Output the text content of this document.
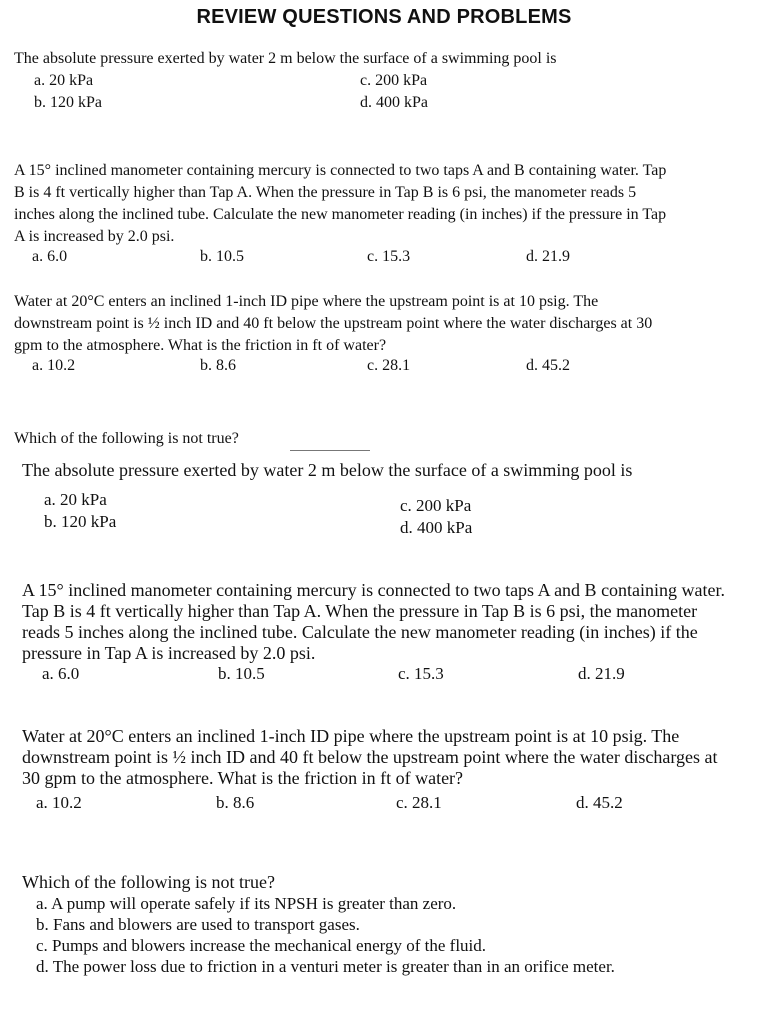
REVIEW QUESTIONS AND PROBLEMS
The absolute pressure exerted by water 2 m below the surface of a swimming pool is
a. 20 kPa
b. 120 kPa
c. 200 kPa
d. 400 kPa
A 15° inclined manometer containing mercury is connected to two taps A and B containing water. Tap B is 4 ft vertically higher than Tap A. When the pressure in Tap B is 6 psi, the manometer reads 5 inches along the inclined tube. Calculate the new manometer reading (in inches) if the pressure in Tap A is increased by 2.0 psi.
a. 6.0	b. 10.5	c. 15.3	d. 21.9
Water at 20°C enters an inclined 1-inch ID pipe where the upstream point is at 10 psig. The downstream point is ½ inch ID and 40 ft below the upstream point where the water discharges at 30 gpm to the atmosphere. What is the friction in ft of water?
a. 10.2	b. 8.6	c. 28.1	d. 45.2
Which of the following is not true?
The absolute pressure exerted by water 2 m below the surface of a swimming pool is
a. 20 kPa
b. 120 kPa
c. 200 kPa
d. 400 kPa
A 15° inclined manometer containing mercury is connected to two taps A and B containing water. Tap B is 4 ft vertically higher than Tap A. When the pressure in Tap B is 6 psi, the manometer reads 5 inches along the inclined tube. Calculate the new manometer reading (in inches) if the pressure in Tap A is increased by 2.0 psi.
a. 6.0	b. 10.5	c. 15.3	d. 21.9
Water at 20°C enters an inclined 1-inch ID pipe where the upstream point is at 10 psig. The downstream point is ½ inch ID and 40 ft below the upstream point where the water discharges at 30 gpm to the atmosphere. What is the friction in ft of water?
a. 10.2	b. 8.6	c. 28.1	d. 45.2
Which of the following is not true?
a. A pump will operate safely if its NPSH is greater than zero.
b. Fans and blowers are used to transport gases.
c. Pumps and blowers increase the mechanical energy of the fluid.
d. The power loss due to friction in a venturi meter is greater than in an orifice meter.
